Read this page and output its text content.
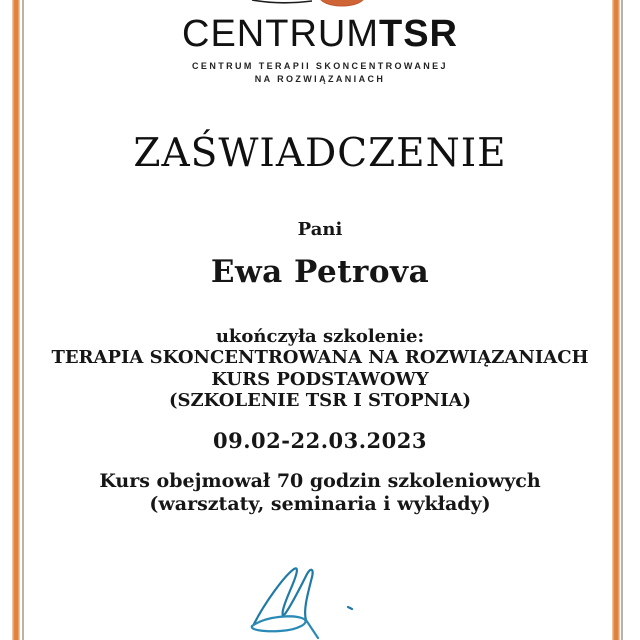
CENTRUMTSR
CENTRUM TERAPII SKONCENTROWANEJ
NA ROZWIĄZANIACH
ZAŚWIADCZENIE
Pani
Ewa Petrova
ukończyła szkolenie:
TERAPIA SKONCENTROWANA NA ROZWIĄZANIACH
KURS PODSTAWOWY
(SZKOLENIE TSR I STOPNIA)
09.02-22.03.2023
Kurs obejmował 70 godzin szkoleniowych
(warsztaty, seminaria i wykłady)
